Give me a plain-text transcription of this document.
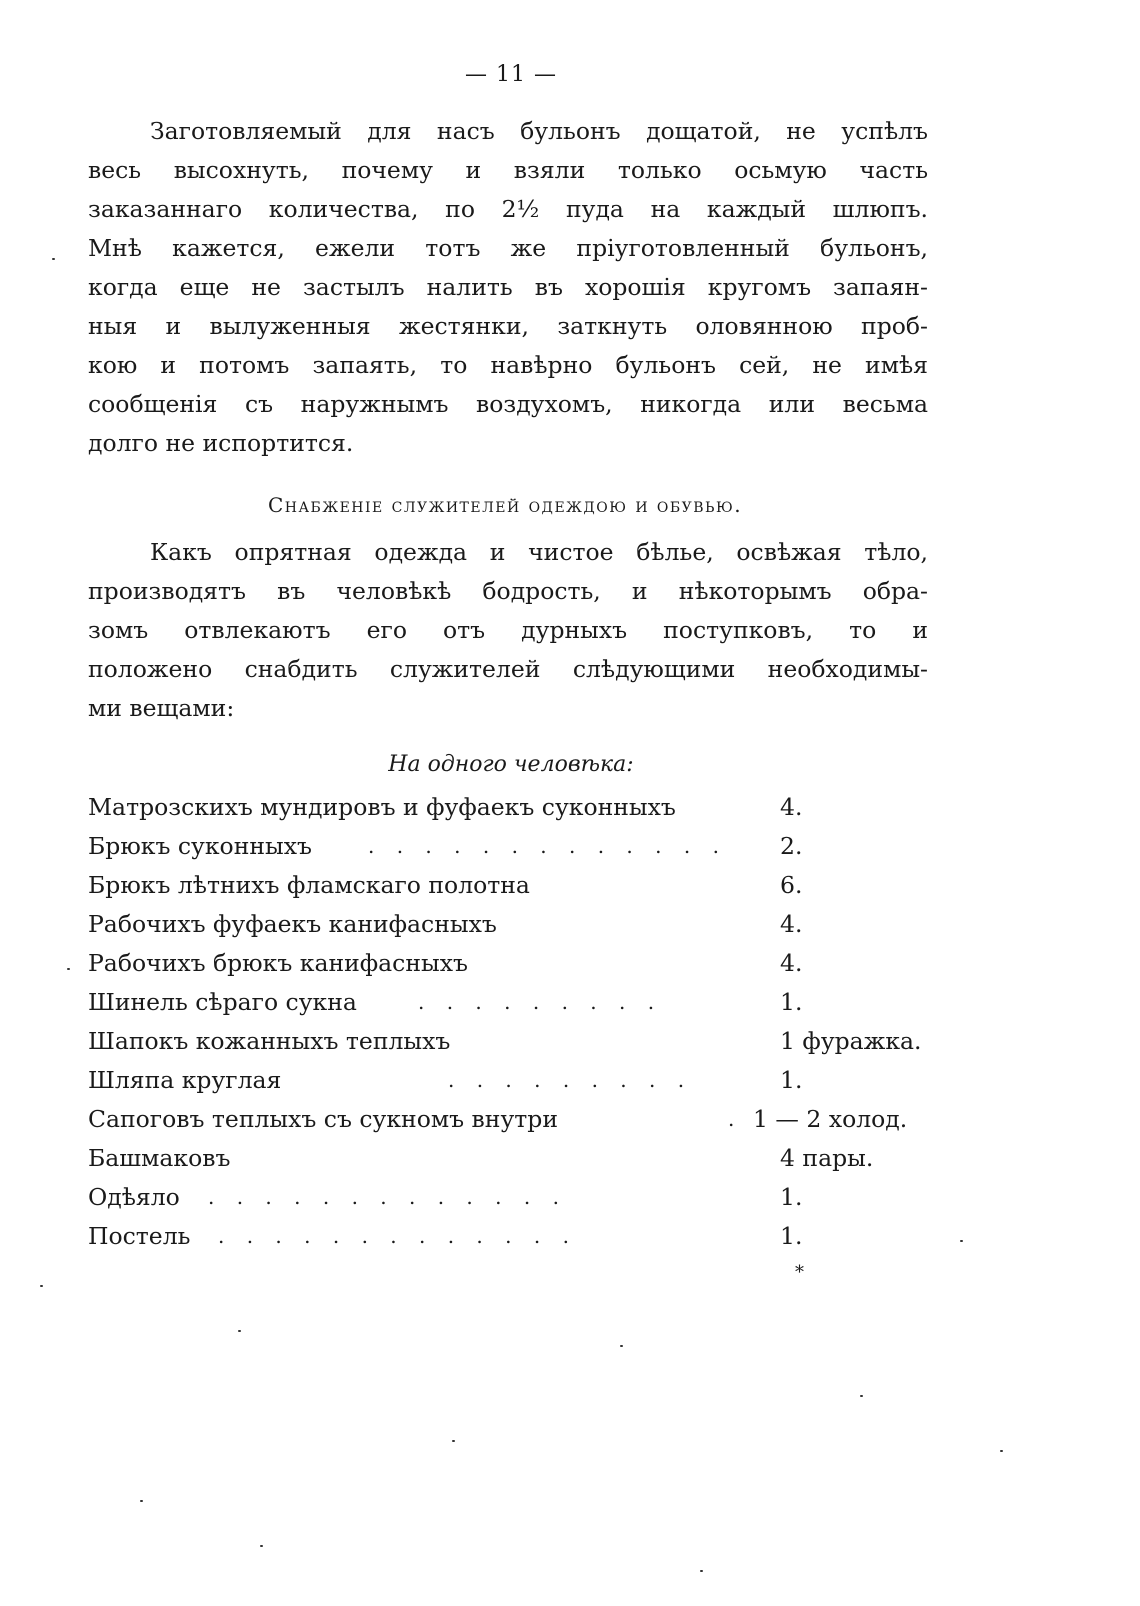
— 11 —
Заготовляемый для насъ бульонъ дощатой, не успѣлъ
весь высохнуть, почему и взяли только осьмую часть
заказаннаго количества, по 2½ пуда на каждый шлюпъ.
Мнѣ кажется, ежели тотъ же пріуготовленный бульонъ,
когда еще не застылъ налить въ хорошія кругомъ запаян-
ныя и вылуженныя жестянки, заткнуть оловянною проб-
кою и потомъ запаять, то навѣрно бульонъ сей, не имѣя
сообщенія съ наружнымъ воздухомъ, никогда или весьма
долго не испортится.
Снабженіе служителей одеждою и обувью.
Какъ опрятная одежда и чистое бѣлье, освѣжая тѣло,
производятъ въ человѣкѣ бодрость, и нѣкоторымъ обра-
зомъ отвлекаютъ его отъ дурныхъ поступковъ, то и
положено снабдить служителей слѣдующими необходимы-
ми вещами:
На одного человѣка:
Матрозскихъ мундировъ и фуфаекъ суконныхъ	4.
Брюкъ суконныхъ	. . . . . . . . . . . . . 2.
Брюкъ лѣтнихъ фламскаго полотна	6.
Рабочихъ фуфаекъ канифасныхъ	4.
Рабочихъ брюкъ канифасныхъ	4.
Шинель сѣраго сукна	. . . . . . . . .	1.
Шапокъ кожанныхъ теплыхъ	1 фуражка.
Шляпа круглая	. . . . . . . . .	1.
Сапоговъ теплыхъ съ сукномъ внутри	. 1 — 2 холод.
Башмаковъ	4 пары.
Одѣяло . . . . . . . . . . . . .	1.
Постель . . . . . . . . . . . . .	1.
*
